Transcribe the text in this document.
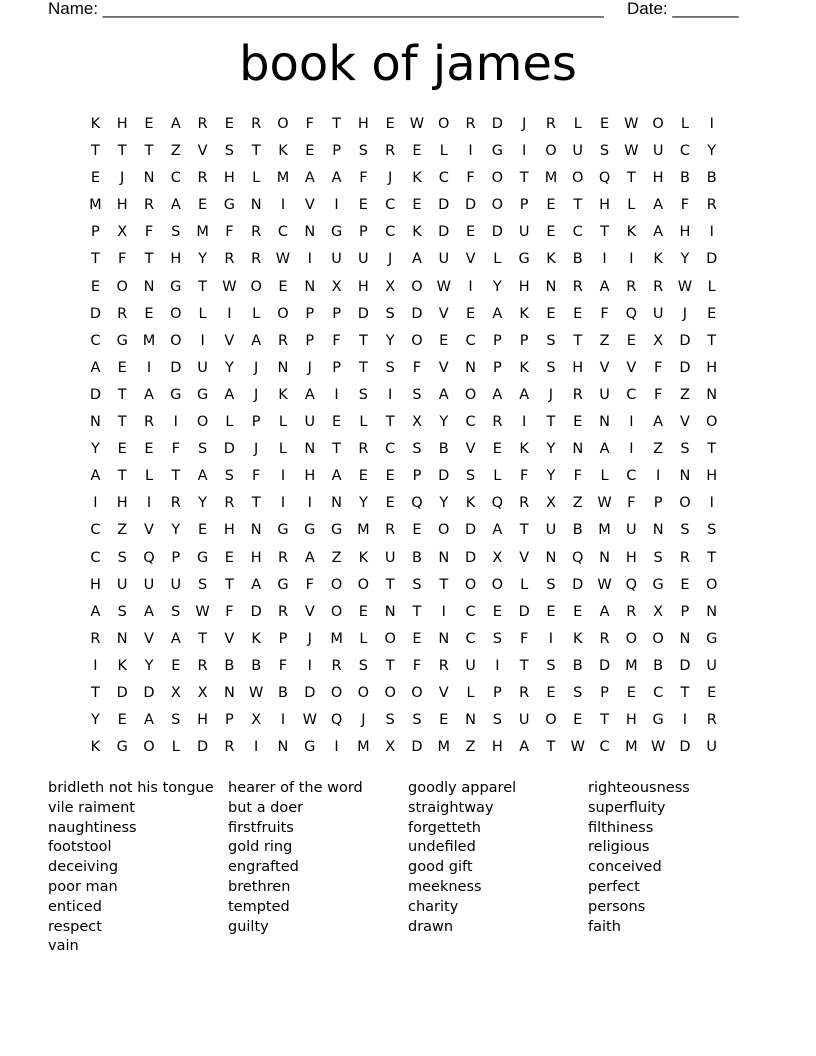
Name: _____________________________________________________ Date: _______
book of james
K	H	E	A	R	E	R	O	F	T	H	E	W O	R	D	J	R	L	E	W O	L	I
T	T	T	Z	V	S	T	K	E	P	S	R	E	L	I	G	I	O	U	S	W U	C	Y
E	J	N	C	R	H	L	M	A	A	F	J	K	C	F	O	T	M	O	Q	T	H	B	B
M	H	R	A	E	G	N	I	V	I	E	C	E	D	D	O	P	E	T	H	L	A	F	R
P	X	F	S	M	F	R	C	N	G	P	C	K	D	E	D	U	E	C	T	K	A	H	I
T	F	T	H	Y	R	R	W	I	U	U	J	A	U	V	L	G	K	B	I	I	K	Y	D
E	O	N	G	T	W O	E	N	X	H	X	O W	I	Y	H	N	R	A	R	R	W	L
D	R	E	O	L	I	L	O	P	P	D	S	D	V	E	A	K	E	E	F	Q	U	J	E
C	G	M	O	I	V	A	R	P	F	T	Y	O	E	C	P	P	S	T	Z	E	X	D	T
A	E	I	D	U	Y	J	N	J	P	T	S	F	V	N	P	K	S	H	V	V	F	D	H
D	T	A	G	G	A	J	K	A	I	S	I	S	A	O	A	A	J	R	U	C	F	Z	N
N	T	R	I	O	L	P	L	U	E	L	T	X	Y	C	R	I	T	E	N	I	A	V	O
Y	E	E	F	S	D	J	L	N	T	R	C	S	B	V	E	K	Y	N	A	I	Z	S	T
A	T	L	T	A	S	F	I	H	A	E	E	P	D	S	L	F	Y	F	L	C	I	N	H
I	H	I	R	Y	R	T	I	I	N	Y	E	Q	Y	K	Q	R	X	Z	W	F	P	O	I
C	Z	V	Y	E	H	N	G	G	G	M	R	E	O	D	A	T	U	B	M	U	N	S	S
C	S	Q	P	G	E	H	R	A	Z	K	U	B	N	D	X	V	N	Q	N	H	S	R	T
H	U	U	U	S	T	A	G	F	O	O	T	S	T	O	O	L	S	D W Q	G	E	O
A	S	A	S	W	F	D	R	V	O	E	N	T	I	C	E	D	E	E	A	R	X	P	N
R	N	V	A	T	V	K	P	J	M	L	O	E	N	C	S	F	I	K	R	O	O	N	G
I	K	Y	E	R	B	B	F	I	R	S	T	F	R	U	I	T	S	B	D	M	B	D	U
T	D	D	X	X	N W	B	D	O	O	O	O	V	L	P	R	E	S	P	E	C	T	E
Y	E	A	S	H	P	X	I	W Q	J	S	S	E	N	S	U	O	E	T	H	G	I	R
K	G	O	L	D	R	I	N	G	I	M	X	D	M	Z	H	A	T	W	C	M W D	U
bridleth not his tongue
vile raiment
naughtiness
footstool
deceiving
poor man
enticed
respect
vain
hearer of the word
but a doer
firstfruits
gold ring
engrafted
brethren
tempted
guilty
goodly apparel
straightway
forgetteth
undefiled
good gift
meekness
charity
drawn
righteousness
superfluity
filthiness
religious
conceived
perfect
persons
faith
